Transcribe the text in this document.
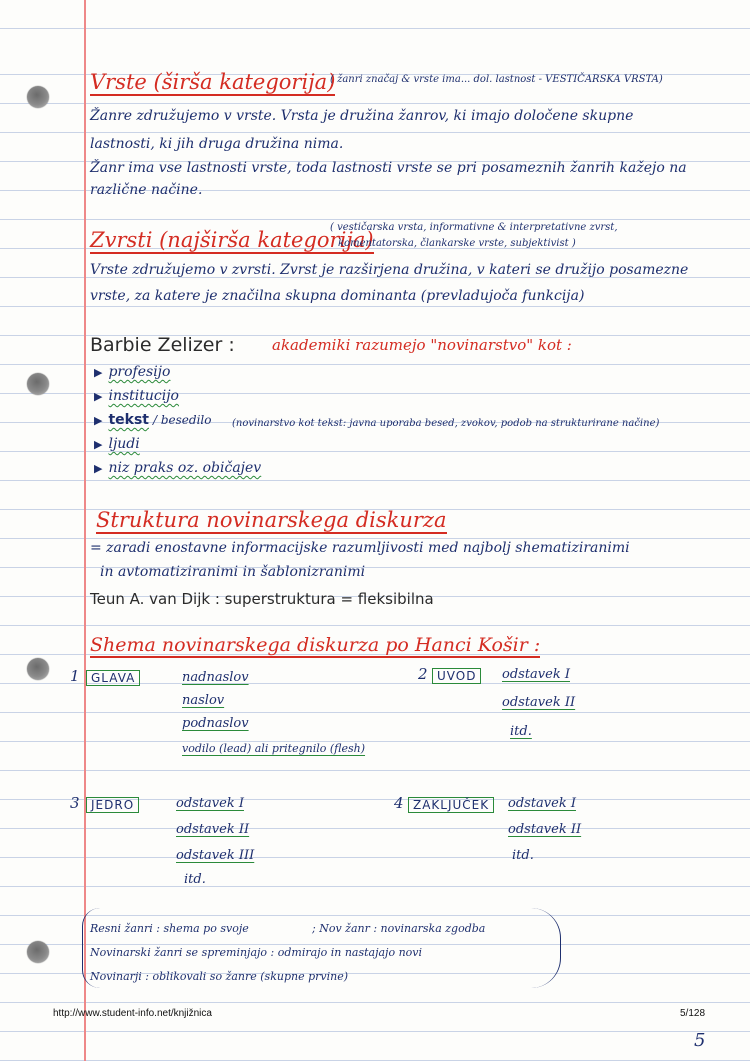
Vrste (širša kategorija)
( žanri značaj & vrste ima... dol. lastnost - VESTIČARSKA VRSTA)
Žanre združujemo v vrste. Vrsta je družina žanrov, ki imajo določene skupne
lastnosti, ki jih druga družina nima.
Žanr ima vse lastnosti vrste, toda lastnosti vrste se pri posameznih žanrih kažejo na
različne načine.
Zvrsti (najširša kategorija)
( vestičarska vrsta, informativne & interpretativne zvrst,
komentatorska, člankarske vrste, subjektivist )
Vrste združujemo v zvrsti. Zvrst je razširjena družina, v kateri se družijo posamezne
vrste, za katere je značilna skupna dominanta (prevladujoča funkcija)
Barbie Zelizer : akademiki razumejo "novinarstvo" kot :
▶ profesijo
▶ institucijo
▶ tekst / besedilo (novinarstvo kot tekst: javna uporaba besed, zvokov, podob na strukturirane načine)
▶ ljudi
▶ niz praks oz. običajev
Struktura novinarskega diskurza
= zaradi enostavne informacijske razumljivosti med najbolj shematiziranimi
in avtomatiziranimi in šablonizranimi
Teun A. van Dijk : superstruktura = fleksibilna
Shema novinarskega diskurza po Hanci Košir :
1 GLAVA	nadnaslov
naslov
podnaslov
vodilo (lead) ali pritegnilo (flesh)
2 UVOD	odstavek I
odstavek II
itd.
3 JEDRO	odstavek I
odstavek II
odstavek III
itd.
4 ZAKLJUČEK	odstavek I
odstavek II
itd.
Resni žanri : shema po svoje	; Nov žanr : novinarska zgodba
Novinarski žanri se spreminjajo : odmirajo in nastajajo novi
Novinarji : oblikovali so žanre (skupne prvine)
http://www.student-info.net/knjižnica	5/128
5
